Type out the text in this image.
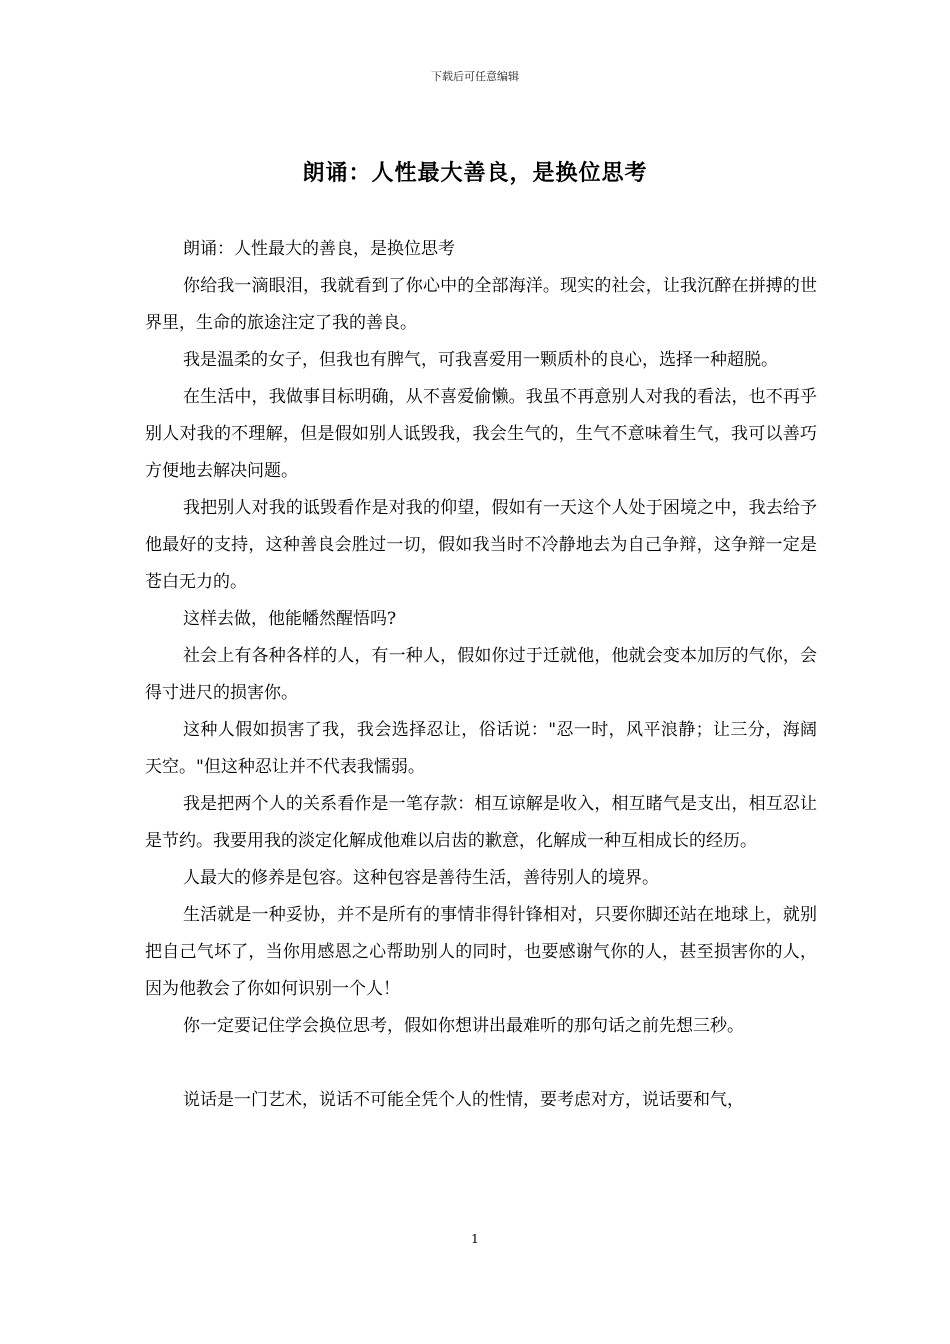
下载后可任意编辑
朗诵：人性最大善良，是换位思考

朗诵：人性最大的善良，是换位思考

你给我一滴眼泪，我就看到了你心中的全部海洋。现实的社会，让我沉醉在拼搏的世界里，生命的旅途注定了我的善良。

我是温柔的女子，但我也有脾气，可我喜爱用一颗质朴的良心，选择一种超脱。

在生活中，我做事目标明确，从不喜爱偷懒。我虽不再意别人对我的看法，也不再乎别人对我的不理解，但是假如别人诋毁我，我会生气的，生气不意味着生气，我可以善巧方便地去解决问题。

我把别人对我的诋毁看作是对我的仰望，假如有一天这个人处于困境之中，我去给予他最好的支持，这种善良会胜过一切，假如我当时不冷静地去为自己争辩，这争辩一定是苍白无力的。

这样去做，他能幡然醒悟吗?

社会上有各种各样的人，有一种人，假如你过于迁就他，他就会变本加厉的气你，会得寸进尺的损害你。

这种人假如损害了我，我会选择忍让，俗话说："忍一时，风平浪静；让三分，海阔天空。"但这种忍让并不代表我懦弱。

我是把两个人的关系看作是一笔存款：相互谅解是收入，相互睹气是支出，相互忍让是节约。我要用我的淡定化解成他难以启齿的歉意，化解成一种互相成长的经历。

人最大的修养是包容。这种包容是善待生活，善待别人的境界。

生活就是一种妥协，并不是所有的事情非得针锋相对，只要你脚还站在地球上，就别把自己气坏了，当你用感恩之心帮助别人的同时，也要感谢气你的人，甚至损害你的人，因为他教会了你如何识别一个人！

你一定要记住学会换位思考，假如你想讲出最难听的那句话之前先想三秒。

说话是一门艺术，说话不可能全凭个人的性情，要考虑对方，说话要和气，

1
